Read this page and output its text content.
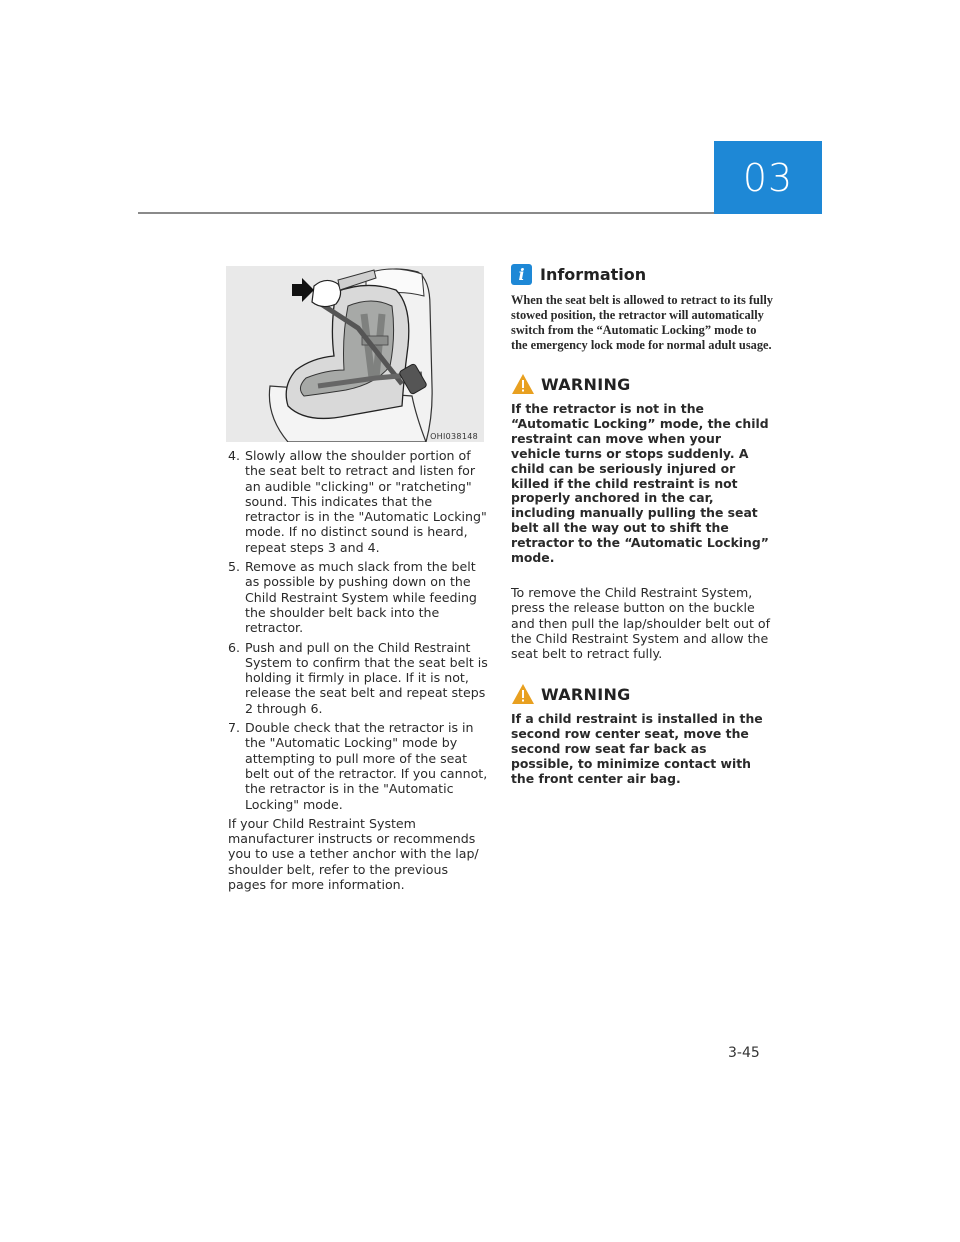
03
OHI038148
4. Slowly allow the shoulder portion of the seat belt to retract and listen for an audible "clicking" or "ratcheting" sound. This indicates that the retractor is in the "Automatic Locking" mode. If no distinct sound is heard, repeat steps 3 and 4.
5. Remove as much slack from the belt as possible by pushing down on the Child Restraint System while feeding the shoulder belt back into the retractor.
6. Push and pull on the Child Restraint System to confirm that the seat belt is holding it firmly in place. If it is not, release the seat belt and repeat steps 2 through 6.
7. Double check that the retractor is in the "Automatic Locking" mode by attempting to pull more of the seat belt out of the retractor. If you cannot, the retractor is in the "Automatic Locking" mode.

If your Child Restraint System manufacturer instructs or recommends you to use a tether anchor with the lap/ shoulder belt, refer to the previous pages for more information.

i Information

When the seat belt is allowed to retract to its fully stowed position, the retractor will automatically switch from the “Automatic Locking” mode to the emergency lock mode for normal adult usage.

WARNING

If the retractor is not in the “Automatic Locking” mode, the child restraint can move when your vehicle turns or stops suddenly. A child can be seriously injured or killed if the child restraint is not properly anchored in the car, including manually pulling the seat belt all the way out to shift the retractor to the “Automatic Locking” mode.

To remove the Child Restraint System, press the release button on the buckle and then pull the lap/shoulder belt out of the Child Restraint System and allow the seat belt to retract fully.

WARNING

If a child restraint is installed in the second row center seat, move the second row seat far back as possible, to minimize contact with the front center air bag.

3-45
